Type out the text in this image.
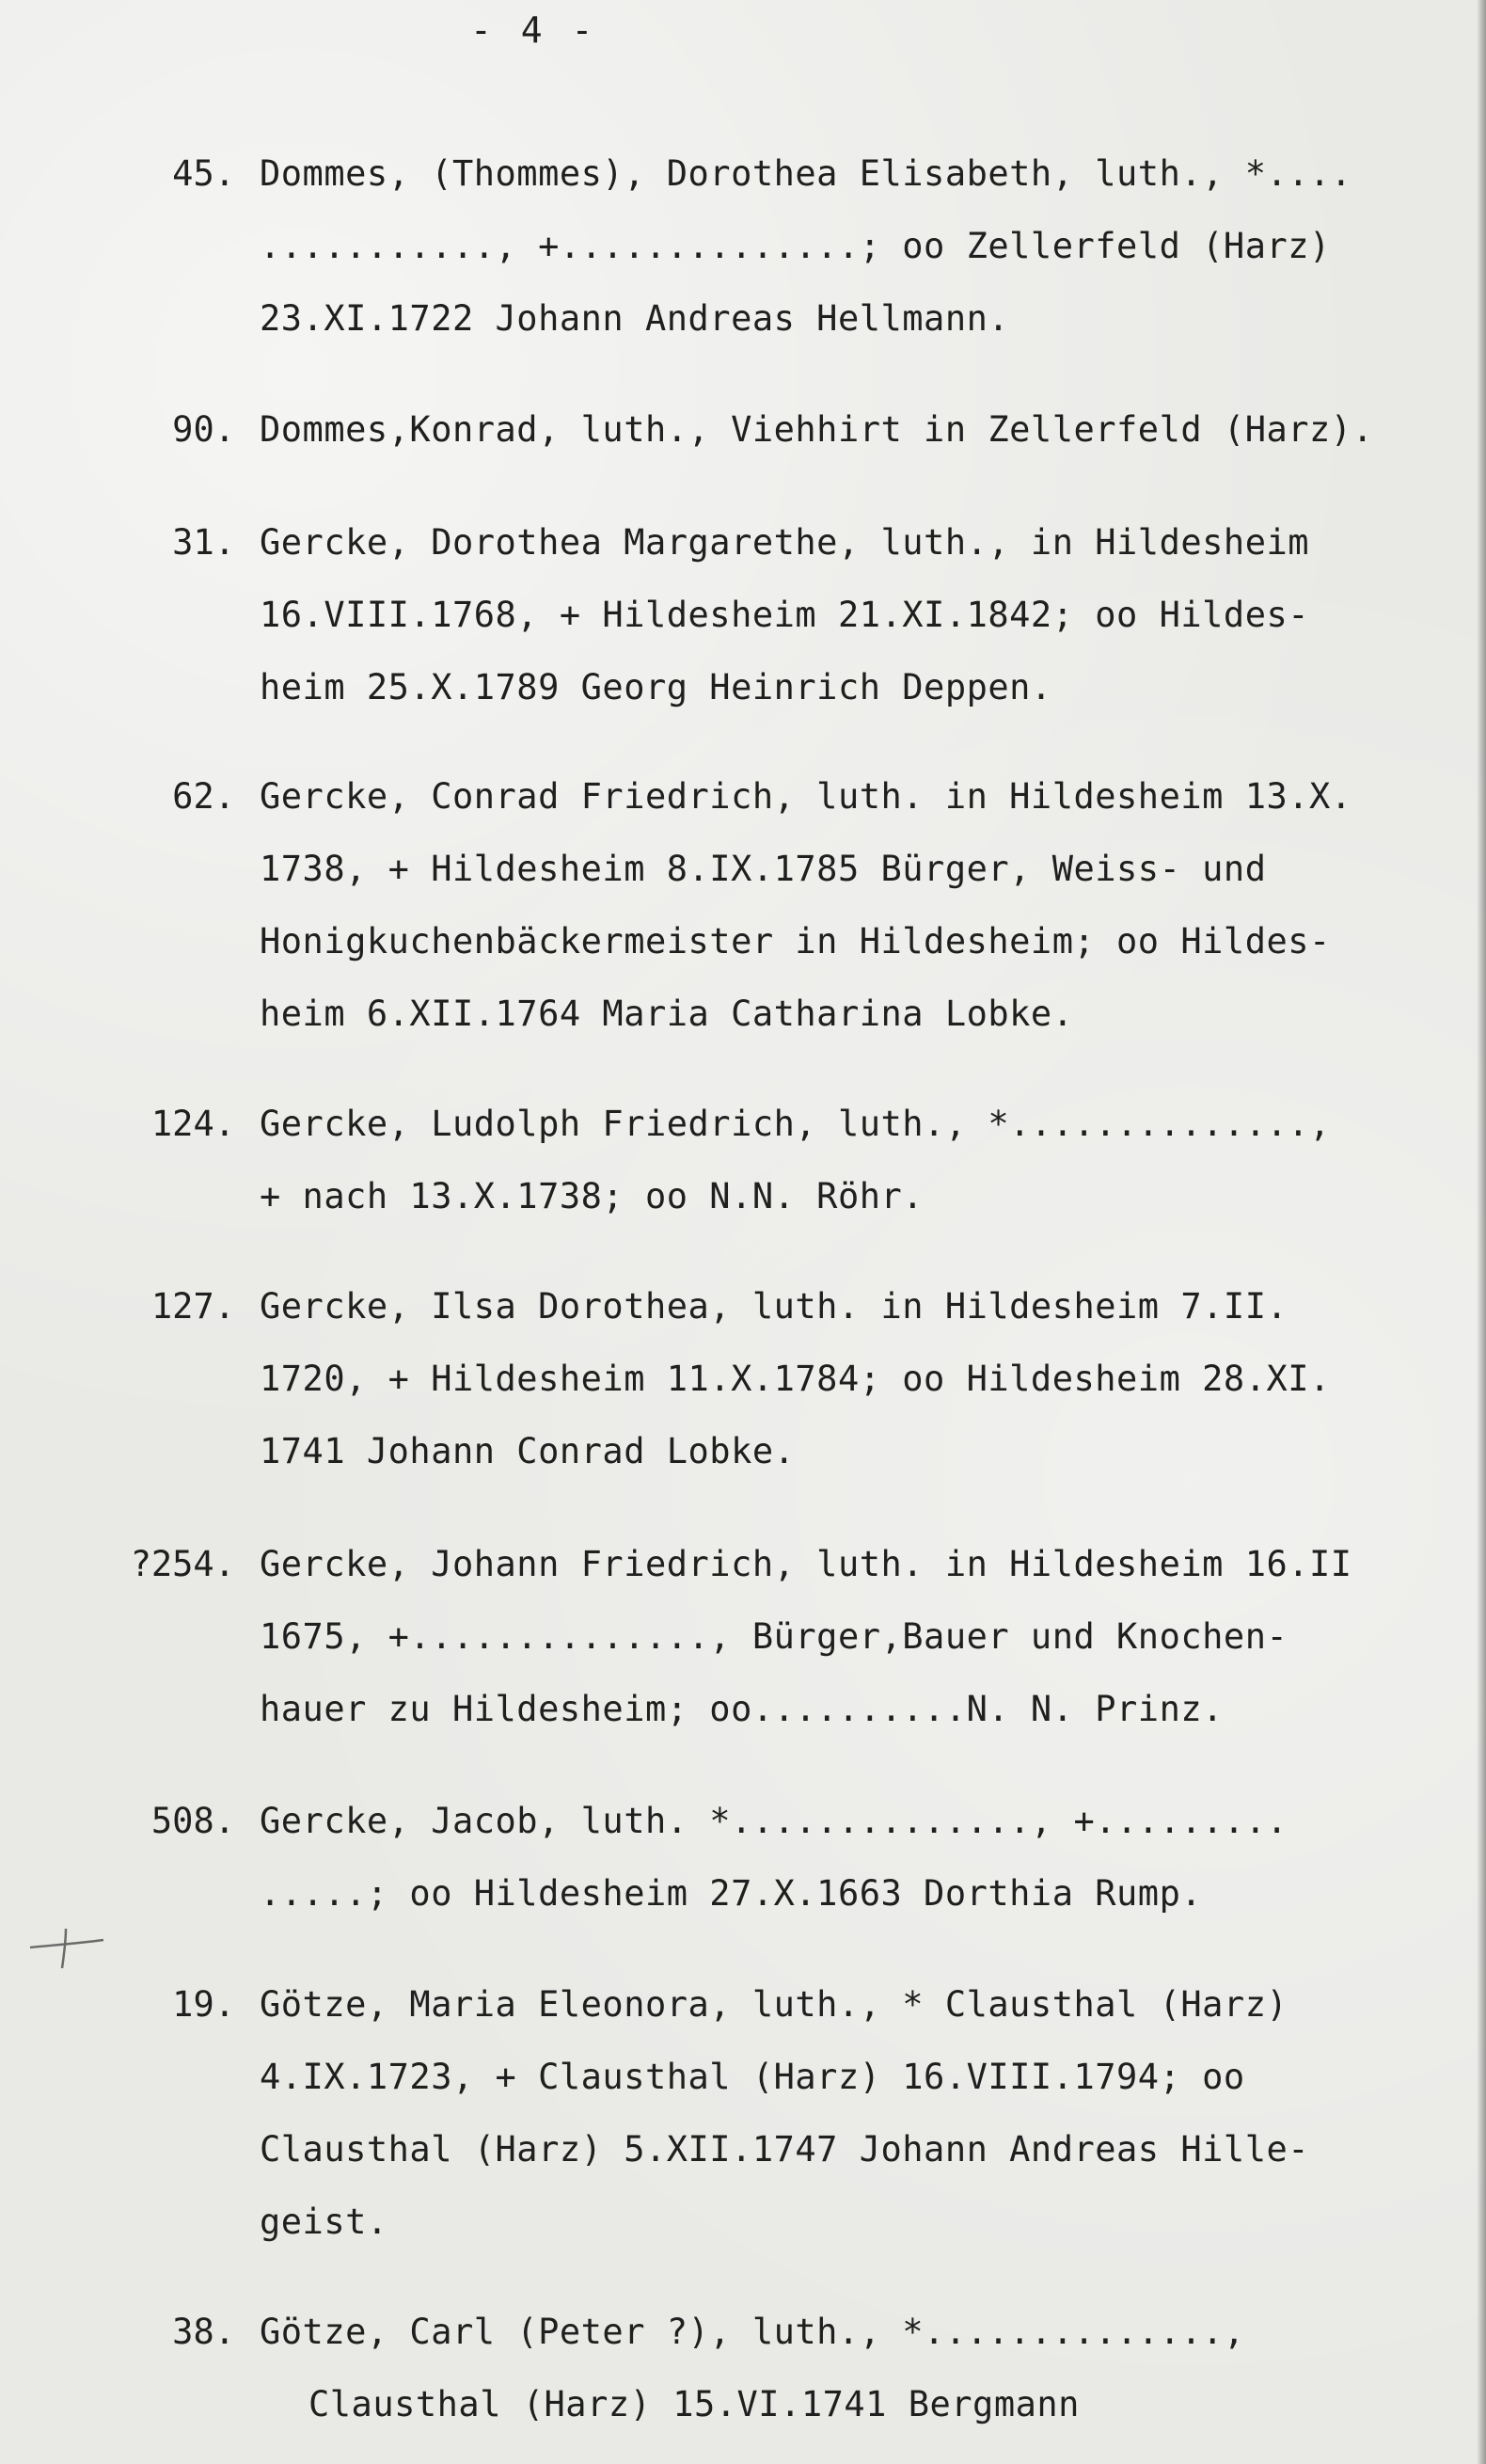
- 4 -
45. Dommes, (Thommes), Dorothea Elisabeth, luth., *....
..........., +..............; oo Zellerfeld (Harz)
23.XI.1722 Johann Andreas Hellmann.
90. Dommes,Konrad, luth., Viehhirt in Zellerfeld (Harz).
31. Gercke, Dorothea Margarethe, luth., in Hildesheim
16.VIII.1768, + Hildesheim 21.XI.1842; oo Hildes-
heim 25.X.1789 Georg Heinrich Deppen.
62. Gercke, Conrad Friedrich, luth. in Hildesheim 13.X.
1738, + Hildesheim 8.IX.1785 Bürger, Weiss- und
Honigkuchenbäckermeister in Hildesheim; oo Hildes-
heim 6.XII.1764 Maria Catharina Lobke.
124. Gercke, Ludolph Friedrich, luth., *..............,
+ nach 13.X.1738; oo N.N. Röhr.
127. Gercke, Ilsa Dorothea, luth. in Hildesheim 7.II.
1720, + Hildesheim 11.X.1784; oo Hildesheim 28.XI.
1741 Johann Conrad Lobke.
?254. Gercke, Johann Friedrich, luth. in Hildesheim 16.II
1675, +.............., Bürger,Bauer und Knochen-
hauer zu Hildesheim; oo..........N. N. Prinz.
508. Gercke, Jacob, luth. *.............., +.........
.....; oo Hildesheim 27.X.1663 Dorthia Rump.
19. Götze, Maria Eleonora, luth., * Clausthal (Harz)
4.IX.1723, + Clausthal (Harz) 16.VIII.1794; oo
Clausthal (Harz) 5.XII.1747 Johann Andreas Hille-
geist.
38. Götze, Carl (Peter ?), luth., *..............,
Clausthal (Harz) 15.VI.1741 Bergmann
